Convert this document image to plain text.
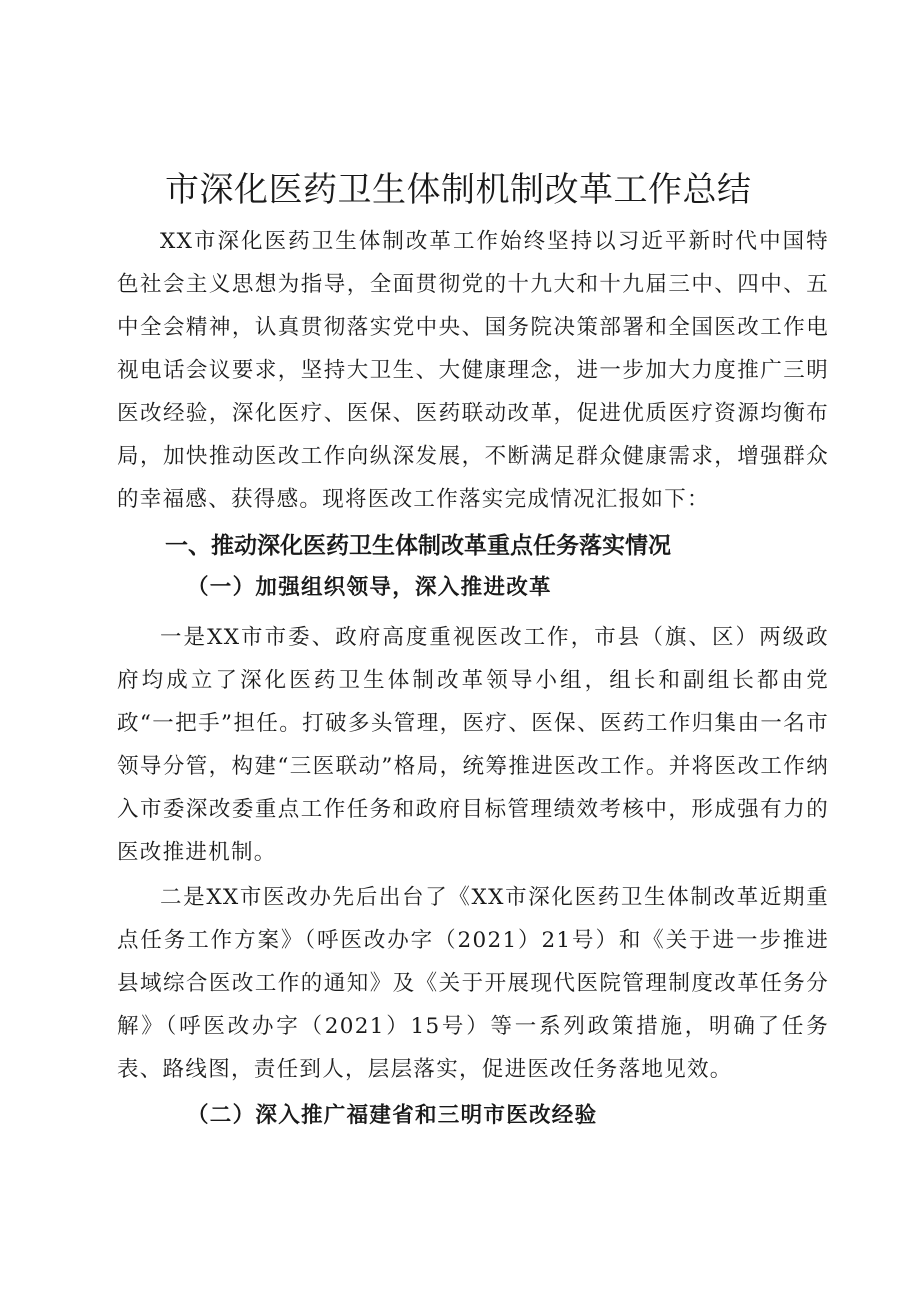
市深化医药卫生体制机制改革工作总结

XX市深化医药卫生体制改革工作始终坚持以习近平新时代中国特色社会主义思想为指导，全面贯彻党的十九大和十九届三中、四中、五中全会精神，认真贯彻落实党中央、国务院决策部署和全国医改工作电视电话会议要求，坚持大卫生、大健康理念，进一步加大力度推广三明医改经验，深化医疗、医保、医药联动改革，促进优质医疗资源均衡布局，加快推动医改工作向纵深发展，不断满足群众健康需求，增强群众的幸福感、获得感。现将医改工作落实完成情况汇报如下：

一、推动深化医药卫生体制改革重点任务落实情况
（一）加强组织领导，深入推进改革

一是XX市市委、政府高度重视医改工作，市县（旗、区）两级政府均成立了深化医药卫生体制改革领导小组，组长和副组长都由党政“一把手”担任。打破多头管理，医疗、医保、医药工作归集由一名市领导分管，构建“三医联动”格局，统筹推进医改工作。并将医改工作纳入市委深改委重点工作任务和政府目标管理绩效考核中，形成强有力的医改推进机制。

二是XX市医改办先后出台了《XX市深化医药卫生体制改革近期重点任务工作方案》（呼医改办字（2021）21号）和《关于进一步推进县域综合医改工作的通知》及《关于开展现代医院管理制度改革任务分解》（呼医改办字（2021）15号）等一系列政策措施，明确了任务表、路线图，责任到人，层层落实，促进医改任务落地见效。

（二）深入推广福建省和三明市医改经验
